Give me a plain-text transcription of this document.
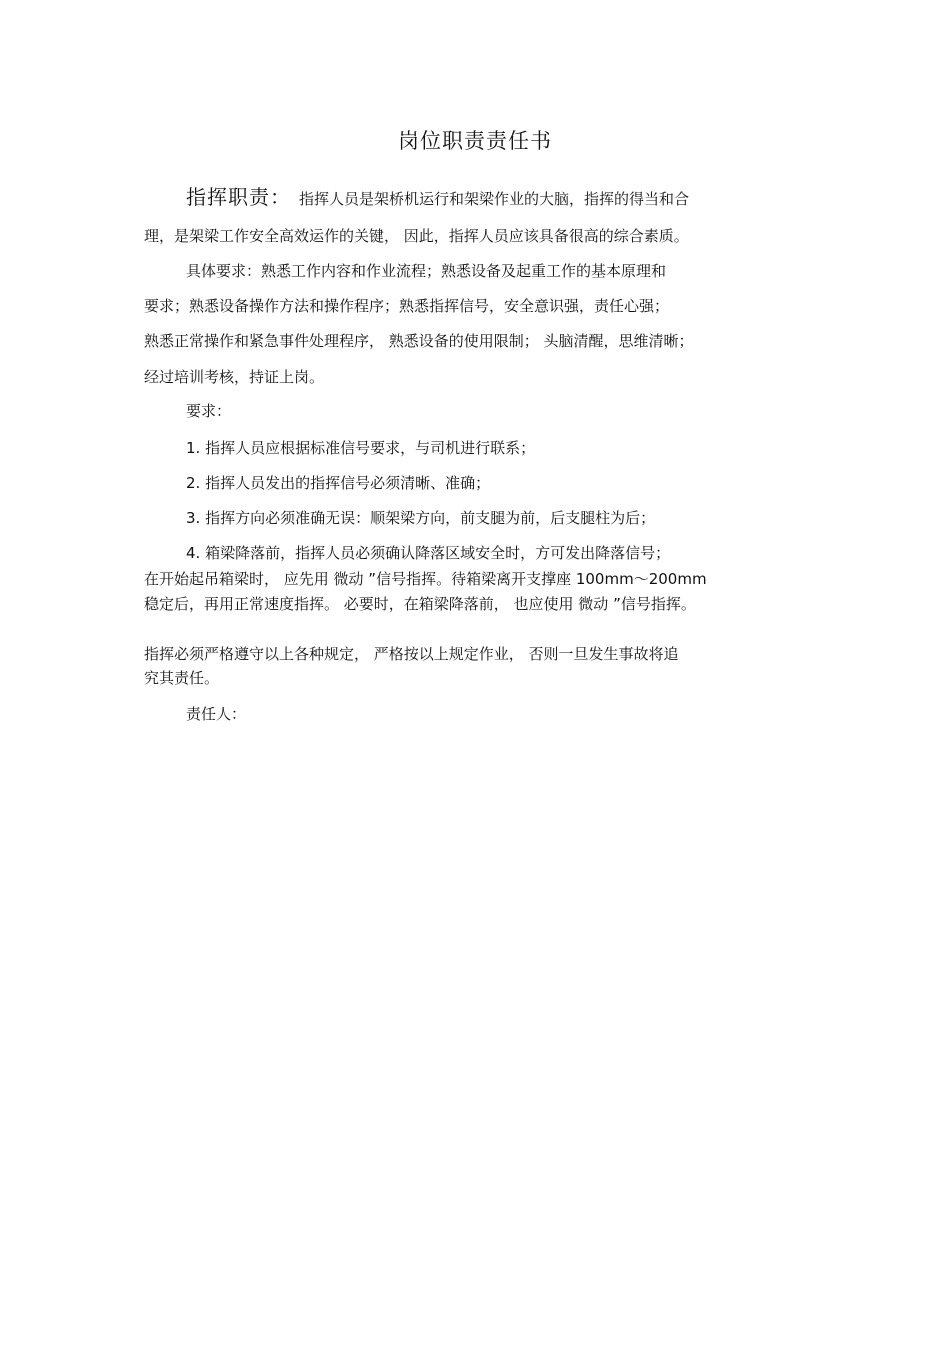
岗位职责责任书
指挥职责： 指挥人员是架桥机运行和架梁作业的大脑，指挥的得当和合
理，是架梁工作安全高效运作的关键， 因此，指挥人员应该具备很高的综合素质。
具体要求：熟悉工作内容和作业流程；熟悉设备及起重工作的基本原理和
要求；熟悉设备操作方法和操作程序；熟悉指挥信号，安全意识强，责任心强；
熟悉正常操作和紧急事件处理程序， 熟悉设备的使用限制； 头脑清醒，思维清晰；
经过培训考核，持证上岗。
要求：
1. 指挥人员应根据标准信号要求，与司机进行联系；
2. 指挥人员发出的指挥信号必须清晰、准确；
3. 指挥方向必须准确无误：顺架梁方向，前支腿为前，后支腿柱为后；
4. 箱梁降落前，指挥人员必须确认降落区域安全时，方可发出降落信号；
在开始起吊箱梁时， 应先用 微动 ”信号指挥。待箱梁离开支撑座 100mm～200mm
稳定后，再用正常速度指挥。 必要时，在箱梁降落前， 也应使用 微动 ”信号指挥。
指挥必须严格遵守以上各种规定， 严格按以上规定作业， 否则一旦发生事故将追
究其责任。
责任人：
